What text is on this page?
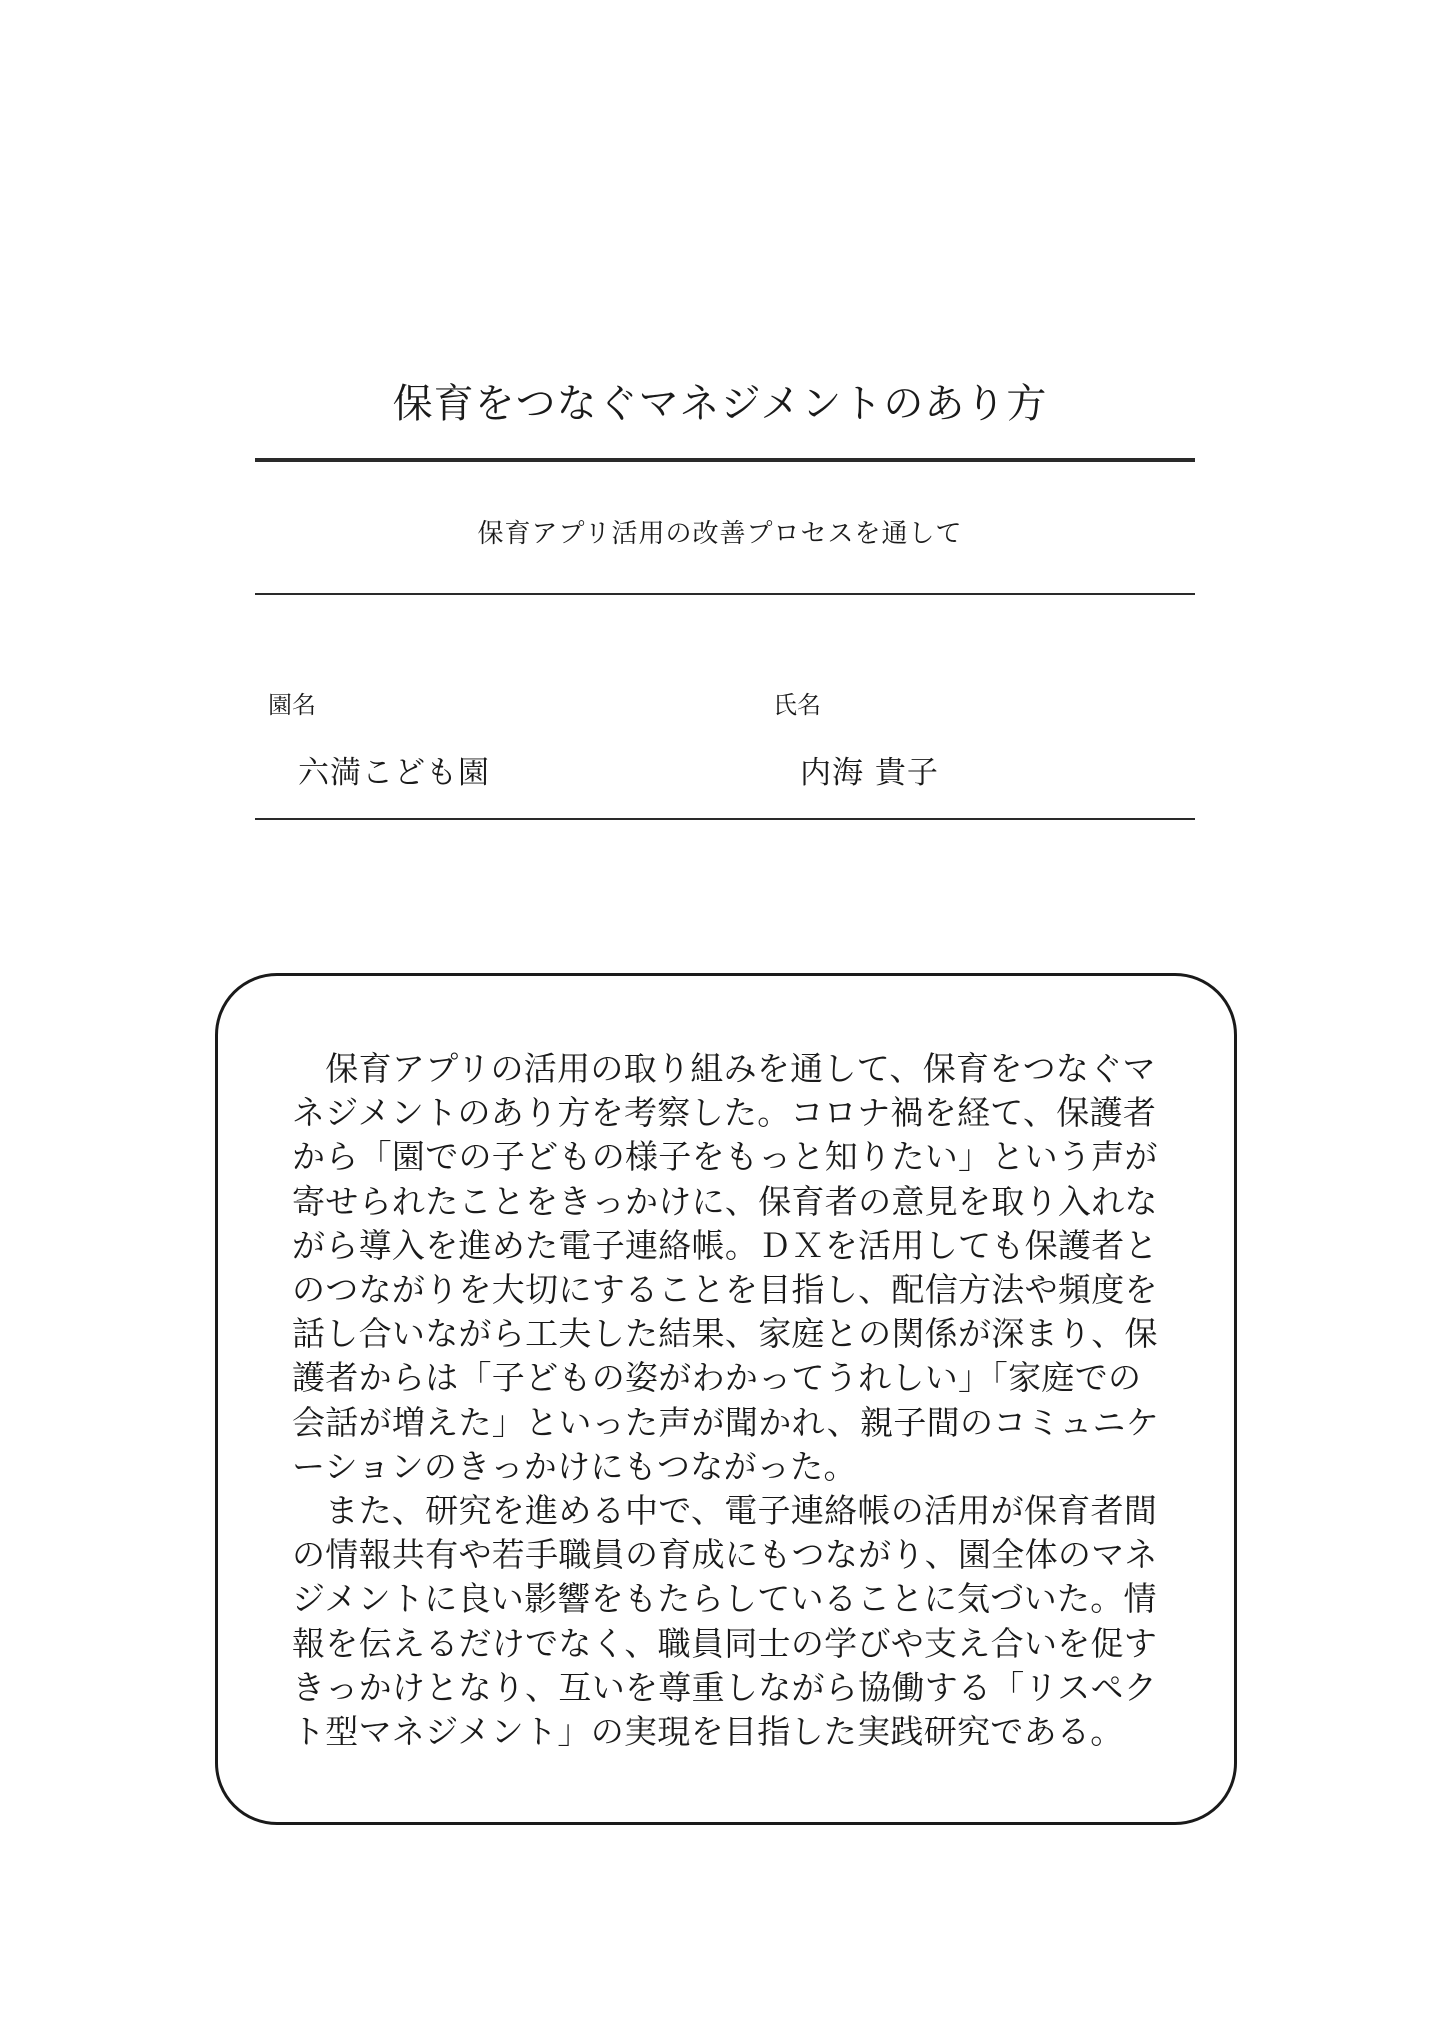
保育をつなぐマネジメントのあり方
保育アプリ活用の改善プロセスを通して
園名	氏名
六満こども園	内海 貴子
　保育アプリの活用の取り組みを通して、保育をつなぐマ
ネジメントのあり方を考察した。コロナ禍を経て、保護者
から「園での子どもの様子をもっと知りたい」という声が
寄せられたことをきっかけに、保育者の意見を取り入れな
がら導入を進めた電子連絡帳。ＤＸを活用しても保護者と
のつながりを大切にすることを目指し、配信方法や頻度を
話し合いながら工夫した結果、家庭との関係が深まり、保
護者からは「子どもの姿がわかってうれしい」「家庭での
会話が増えた」といった声が聞かれ、親子間のコミュニケ
ーションのきっかけにもつながった。
　また、研究を進める中で、電子連絡帳の活用が保育者間
の情報共有や若手職員の育成にもつながり、園全体のマネ
ジメントに良い影響をもたらしていることに気づいた。情
報を伝えるだけでなく、職員同士の学びや支え合いを促す
きっかけとなり、互いを尊重しながら協働する「リスペク
ト型マネジメント」の実現を目指した実践研究である。
